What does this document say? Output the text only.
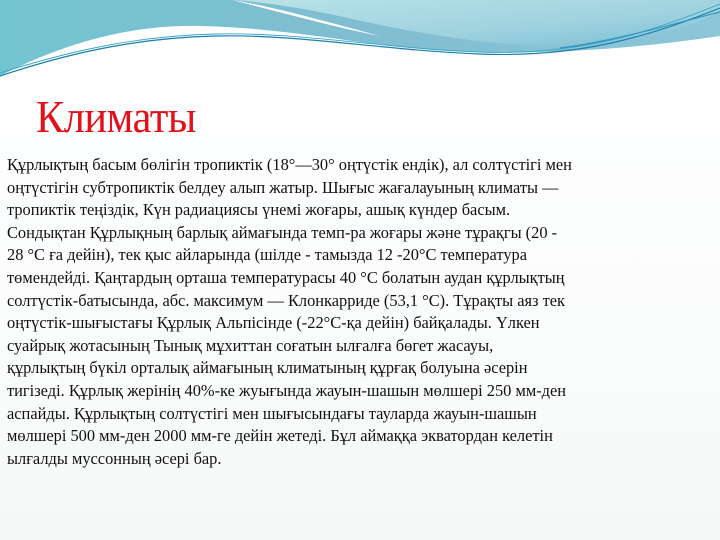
Климаты
Құрлықтың басым бөлігін тропиктік (18°—30° оңтүстік ендік), ал солтүстігі мен
оңтүстігін субтропиктік белдеу алып жатыр. Шығыс жағалауының климаты —
тропиктік теңіздік, Күн радиациясы үнемі жоғары, ашық күндер басым.
Сондықтан Құрлықның барлық аймағында темп-ра жоғары және тұрақгы (20 -
28 °С ға дейін), тек қыс айларында (шілде - тамызда 12 -20°С температура
төмендейді. Қаңтардың орташа температурасы 40 °С болатын аудан құрлықтың
солтүстік-батысында, абс. максимум — Клонкарриде (53,1 °С). Тұрақты аяз тек
оңтүстік-шығыстағы Құрлық Альпісінде (-22°С-қа дейін) байқалады. Үлкен
суайрық жотасының Тынық мұхиттан соғатын ылғалға бөгет жасауы,
құрлықтың бүкіл орталық аймағының климатының құрғақ болуына әсерін
тигізеді. Құрлық жерінің 40%-ке жуығында жауын-шашын мөлшері 250 мм-ден
аспайды. Құрлықтың солтүстігі мен шығысындағы тауларда жауын-шашын
мөлшері 500 мм-ден 2000 мм-ге дейін жетеді. Бұл аймаққа экватордан келетін
ылғалды муссонның әсері бар.
